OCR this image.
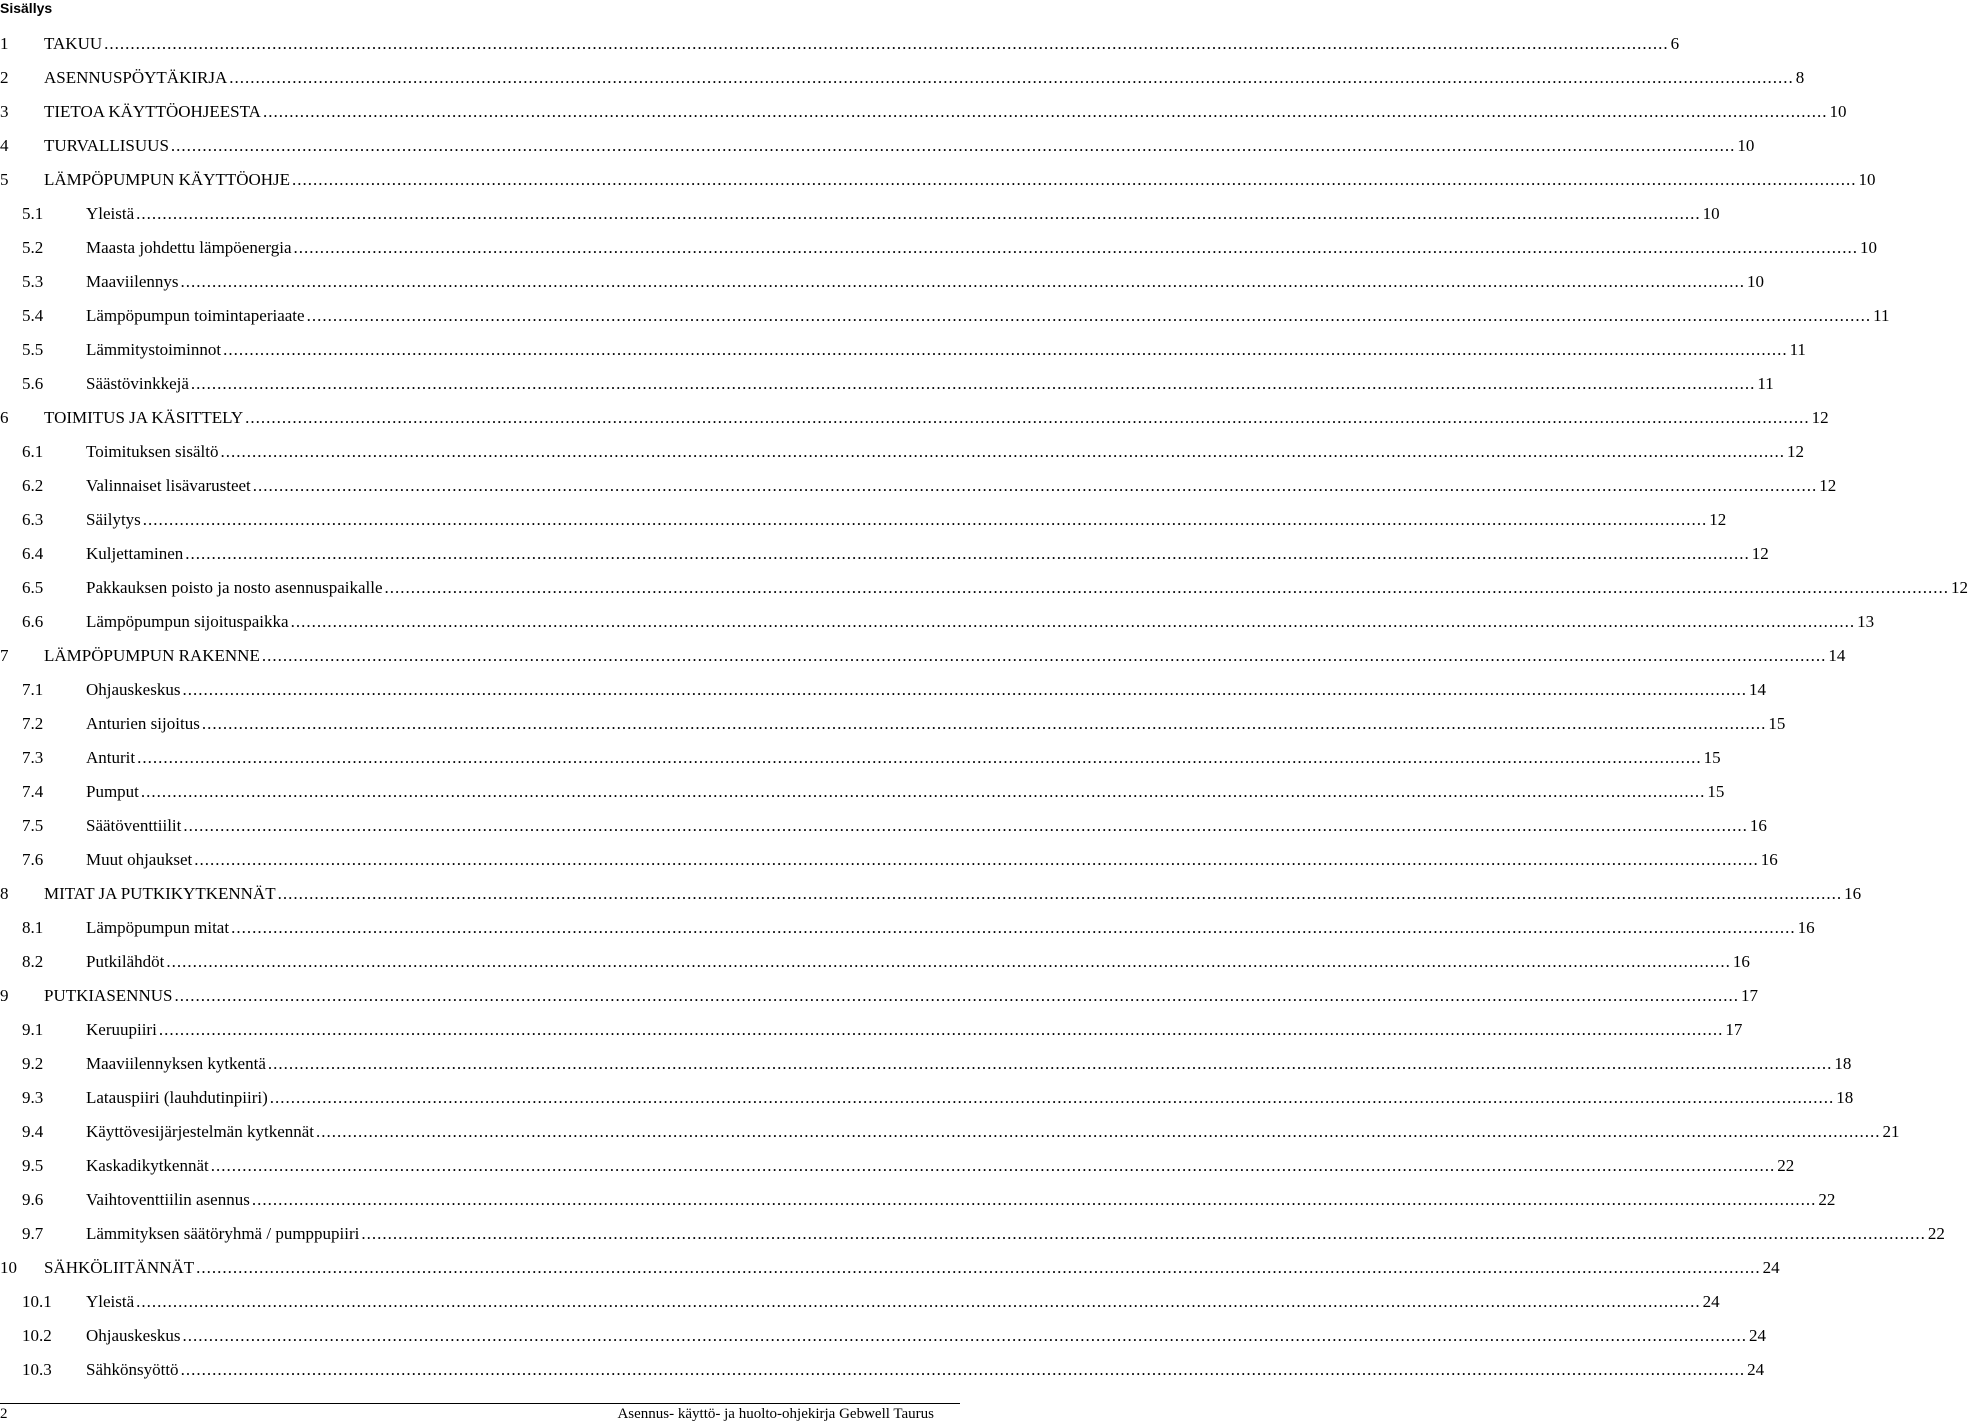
Sisällys
1	TAKUU .....	6
2	ASENNUSPÖYTÄKIRJA .....	8
3	TIETOA KÄYTTÖOHJEESTA .....	10
4	TURVALLISUUS .....	10
5	LÄMPÖPUMPUN KÄYTTÖOHJE .....	10
5.1	Yleistä .....	10
5.2	Maasta johdettu lämpöenergia .....	10
5.3	Maaviilennys .....	10
5.4	Lämpöpumpun toimintaperiaate .....	11
5.5	Lämmitystoiminnot .....	11
5.6	Säästövinkkejä .....	11
6	TOIMITUS JA KÄSITTELY .....	12
6.1	Toimituksen sisältö .....	12
6.2	Valinnaiset lisävarusteet .....	12
6.3	Säilytys .....	12
6.4	Kuljettaminen .....	12
6.5	Pakkauksen poisto ja nosto asennuspaikalle .....	12
6.6	Lämpöpumpun sijoituspaikka .....	13
7	LÄMPÖPUMPUN RAKENNE .....	14
7.1	Ohjauskeskus .....	14
7.2	Anturien sijoitus .....	15
7.3	Anturit .....	15
7.4	Pumput .....	15
7.5	Säätöventtiilit .....	16
7.6	Muut ohjaukset .....	16
8	MITAT JA PUTKIKYTKENNÄT .....	16
8.1	Lämpöpumpun mitat .....	16
8.2	Putkilähdöt .....	16
9	PUTKIASENNUS .....	17
9.1	Keruupiiri .....	17
9.2	Maaviilennyksen kytkentä .....	18
9.3	Latauspiiri (lauhdutinpiiri) .....	18
9.4	Käyttövesijärjestelmän kytkennät .....	21
9.5	Kaskadikytkennät .....	22
9.6	Vaihtoventtiilin asennus .....	22
9.7	Lämmityksen säätöryhmä / pumppupiiri .....	22
10	SÄHKÖLIITÄNNÄT .....	24
10.1	Yleistä .....	24
10.2	Ohjauskeskus .....	24
10.3	Sähkönsyöttö .....	24
2	Asennus- käyttö- ja huolto-ohjekirja Gebwell Taurus
